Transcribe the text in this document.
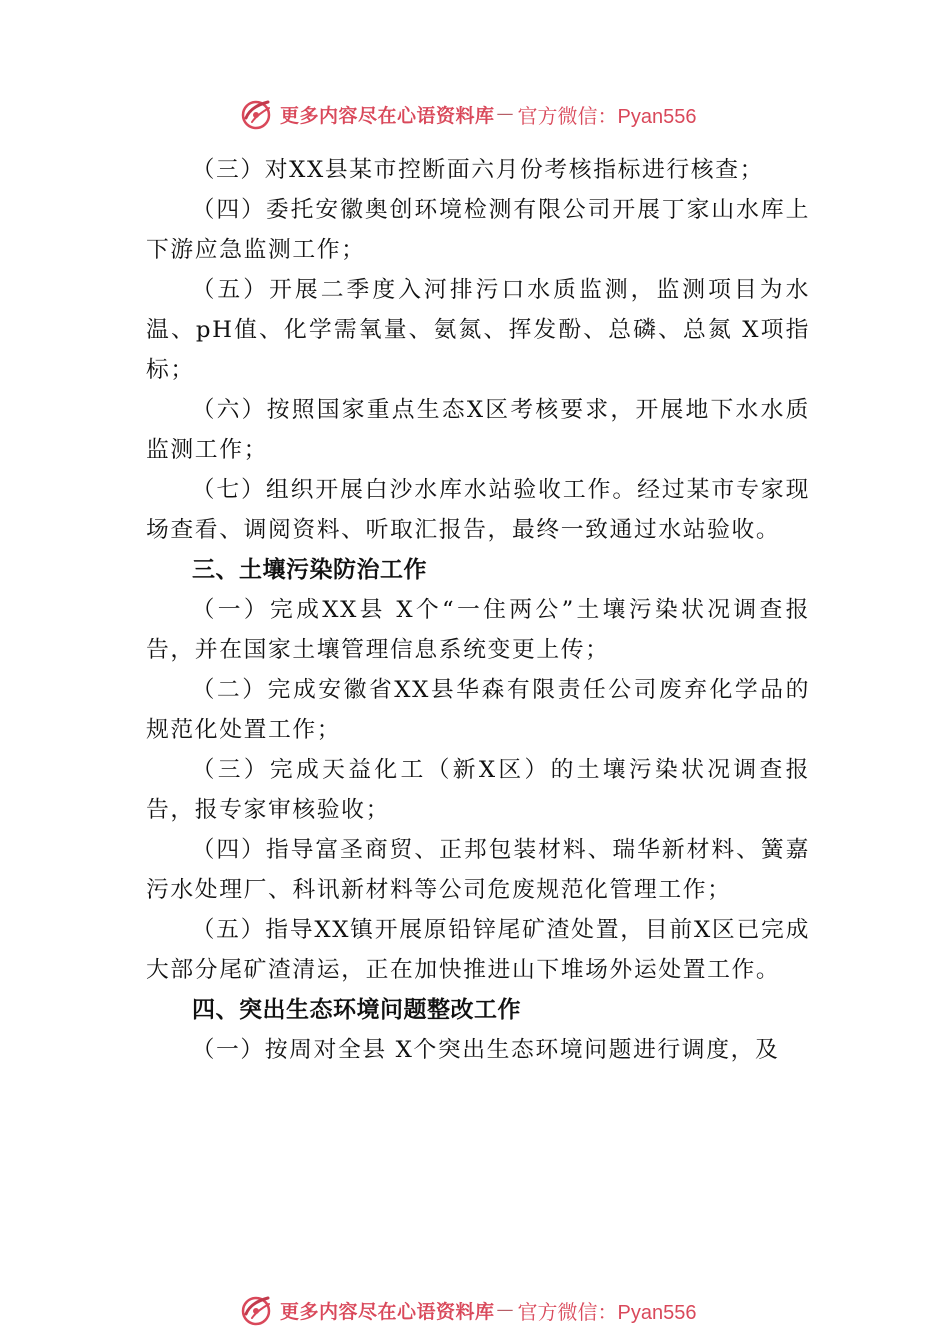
更多内容尽在心语资料库 — 官方微信：Pyan556

（三）对XX县某市控断面六月份考核指标进行核查；

（四）委托安徽奥创环境检测有限公司开展丁家山水库上下游应急监测工作；

（五）开展二季度入河排污口水质监测，监测项目为水温、pH值、化学需氧量、氨氮、挥发酚、总磷、总氮 X项指标；

（六）按照国家重点生态X区考核要求，开展地下水水质监测工作；

（七）组织开展白沙水库水站验收工作。经过某市专家现场查看、调阅资料、听取汇报告，最终一致通过水站验收。

三、土壤污染防治工作

（一）完成XX县 X个“一住两公”土壤污染状况调查报告，并在国家土壤管理信息系统变更上传；

（二）完成安徽省XX县华森有限责任公司废弃化学品的规范化处置工作；

（三）完成天益化工（新X区）的土壤污染状况调查报告，报专家审核验收；

（四）指导富圣商贸、正邦包装材料、瑞华新材料、簧嘉污水处理厂、科讯新材料等公司危废规范化管理工作；

（五）指导XX镇开展原铅锌尾矿渣处置，目前X区已完成大部分尾矿渣清运，正在加快推进山下堆场外运处置工作。

四、突出生态环境问题整改工作

（一）按周对全县 X个突出生态环境问题进行调度，及

更多内容尽在心语资料库 — 官方微信：Pyan556
